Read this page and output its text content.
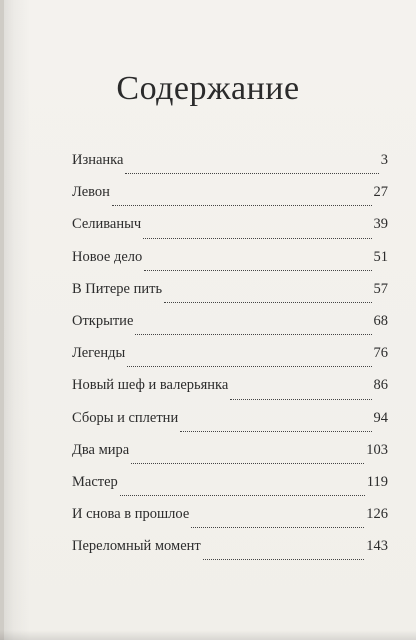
Содержание
Изнанка	3
Левон	27
Селиваныч	39
Новое дело	51
В Питере пить	57
Открытие	68
Легенды	76
Новый шеф и валерьянка	86
Сборы и сплетни	94
Два мира	103
Мастер	119
И снова в прошлое	126
Переломный момент	143
